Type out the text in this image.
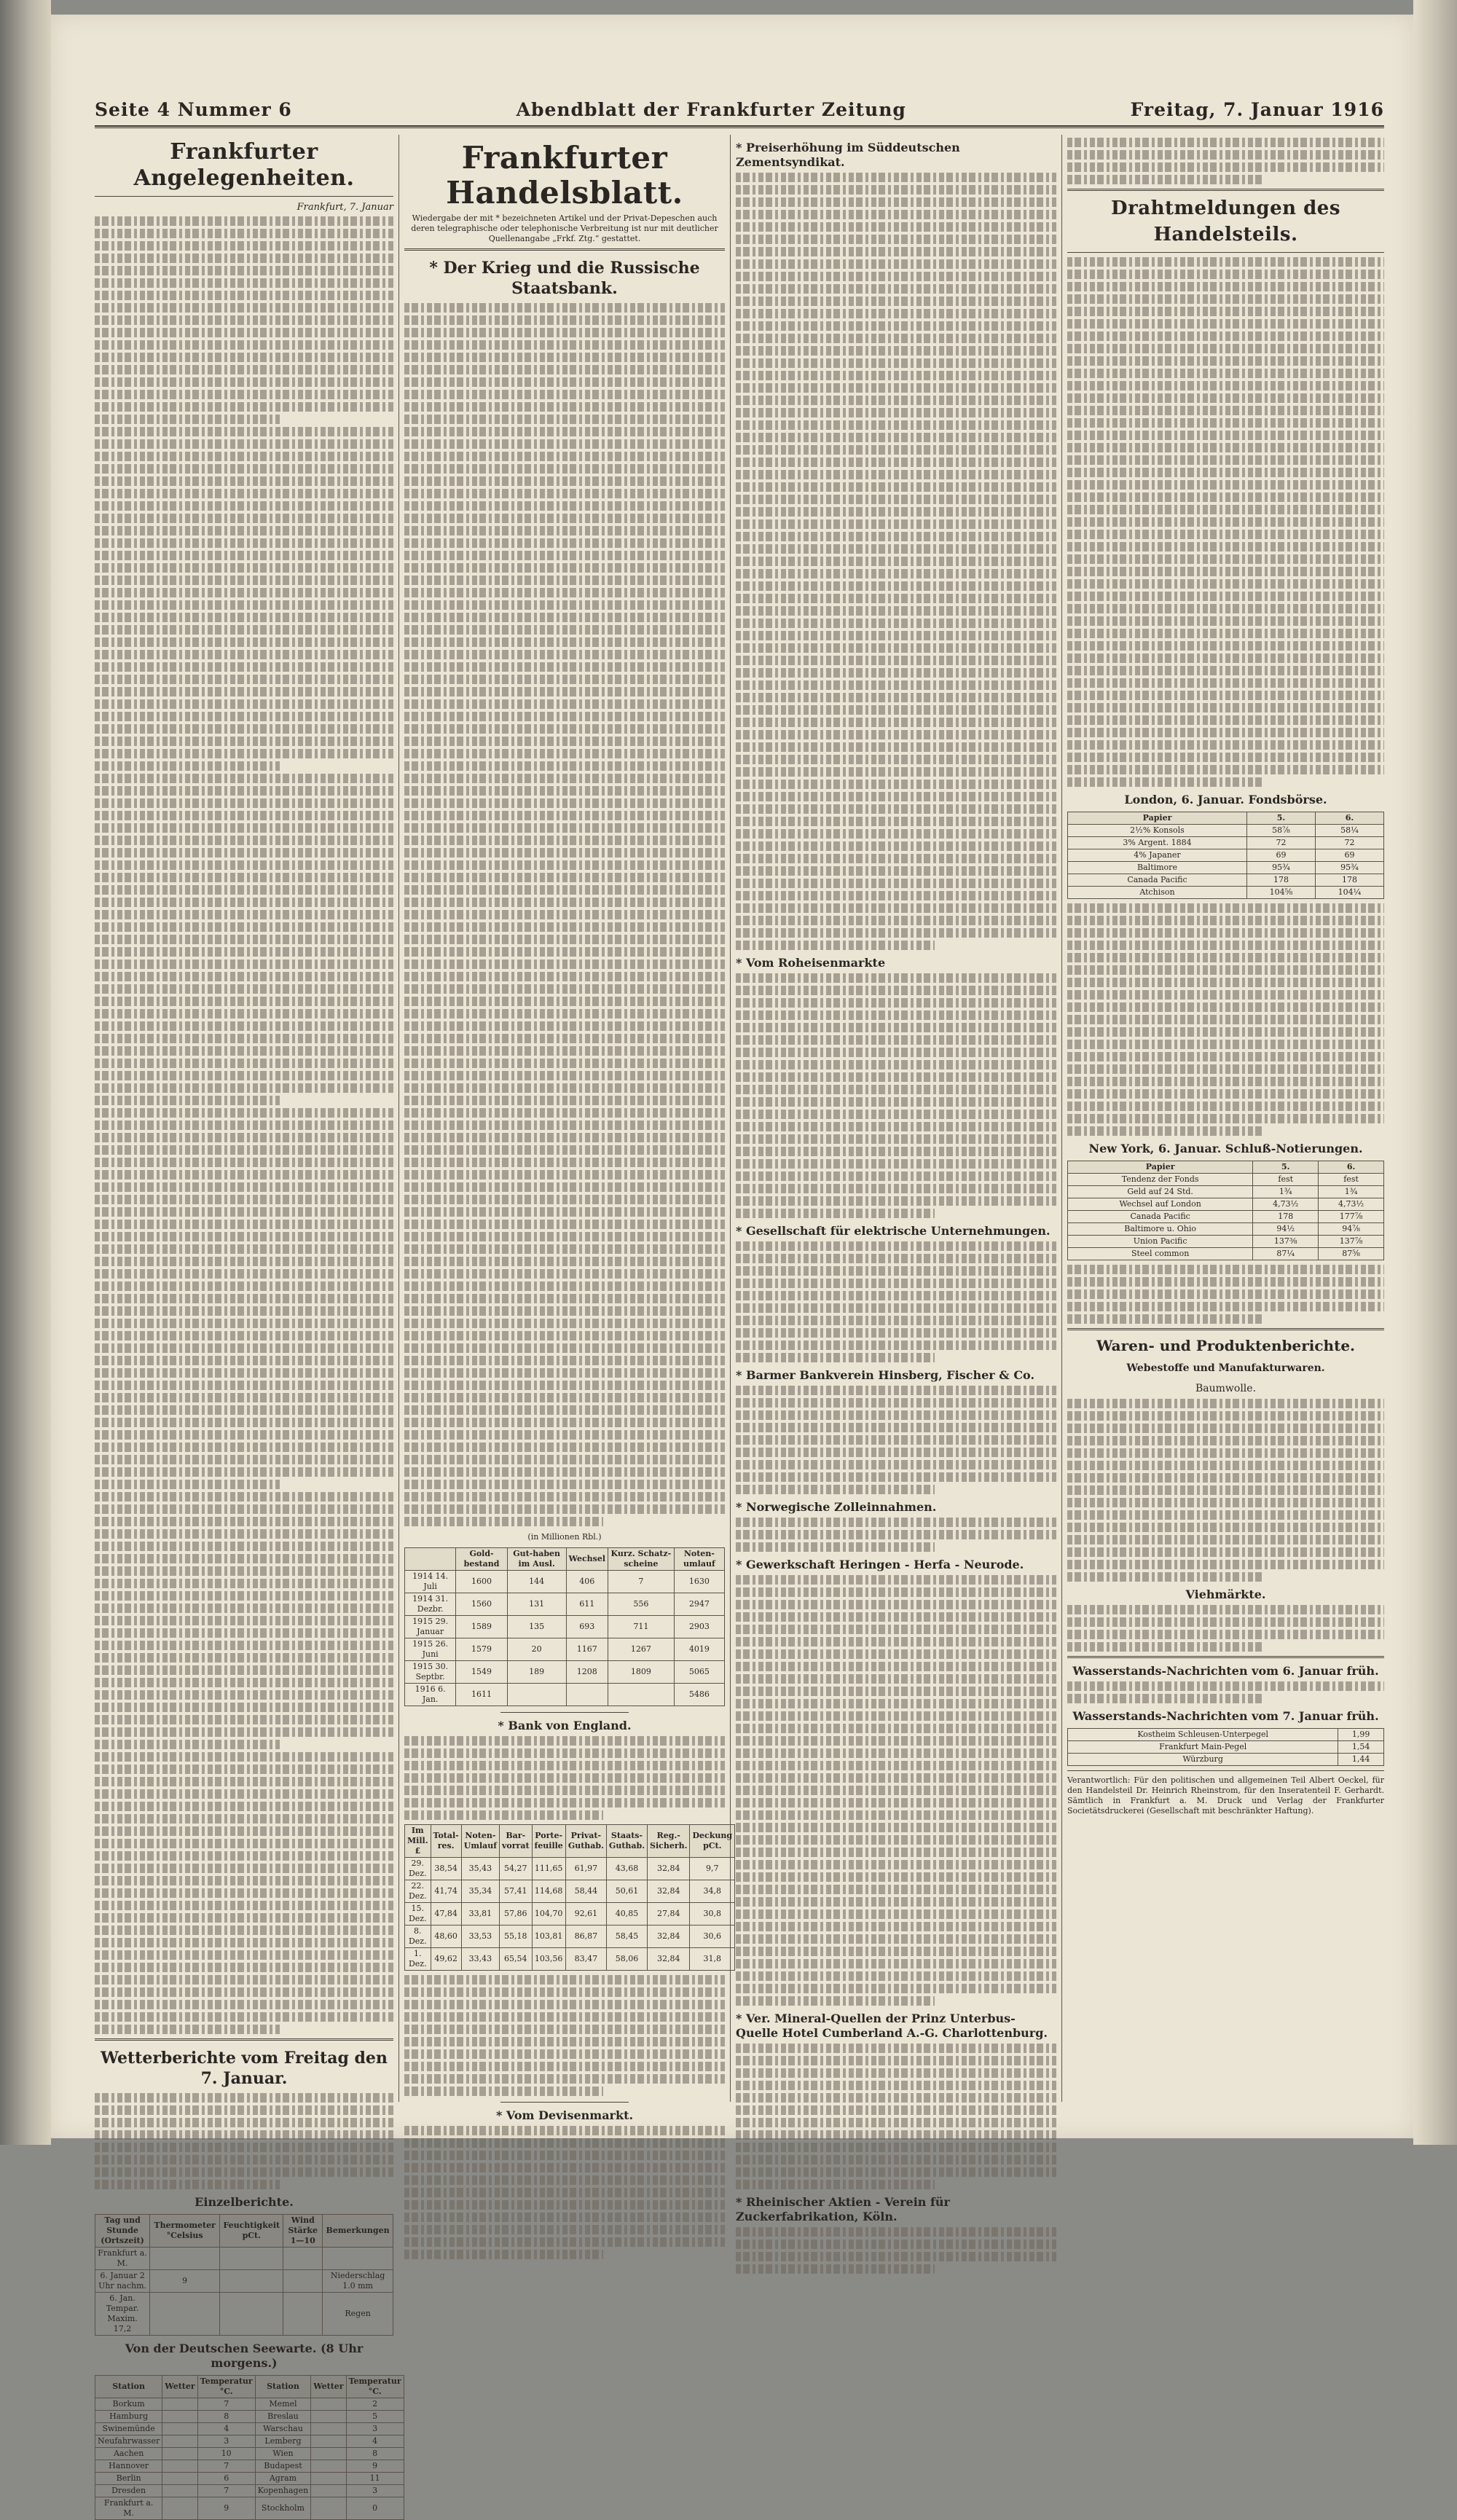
Seite 4 Nummer 6	Abendblatt der Frankfurter Zeitung	Freitag, 7. Januar 1916
Frankfurter Angelegenheiten.
Frankfurt, 7. Januar
Wetterberichte vom Freitag den 7. Januar.
Einzelberichte.
Tag und Stunde (Ortszeit)	Thermometer °Celsius	Feuchtigkeit pCt.	Wind Stärke 1—10	Bemerkungen
Frankfurt a. M.				
6. Januar 2 Uhr nachm.	9			Niederschlag 1.0 mm
6. Jan. Tempar. Maxim. 17,2				Regen
Von der Deutschen Seewarte. (8 Uhr morgens.)
Station	Wetter	Temperatur °C.	Station	Wetter	Temperatur °C.
Borkum		7	Memel		2
Hamburg		8	Breslau		5
Swinemünde		4	Warschau		3
Neufahrwasser		3	Lemberg		4
Aachen		10	Wien		8
Hannover		7	Budapest		9
Berlin		6	Agram		11
Dresden		7	Kopenhagen		3
Frankfurt a. M.		9	Stockholm		0
Frankfurter Handelsblatt.
Wiedergabe der mit * bezeichneten Artikel und der Privat-Depeschen auch deren telegraphische oder telephonische Verbreitung ist nur mit deutlicher Quellenangabe „Frkf. Ztg.“ gestattet.
* Der Krieg und die Russische Staatsbank.
(in Millionen Rbl.)
	Gold-bestand	Gut-haben im Ausl.	Wechsel	Kurz. Schatz-scheine	Noten-umlauf
1914 14. Juli	1600	144	406	7	1630
1914 31. Dezbr.	1560	131	611	556	2947
1915 29. Januar	1589	135	693	711	2903
1915 26. Juni	1579	20	1167	1267	4019
1915 30. Septbr.	1549	189	1208	1809	5065
1916 6. Jan.	1611				5486
* Bank von England.
Im Mill. £	Total-res.	Noten-Umlauf	Bar-vorrat	Porte-feuille	Privat-Guthab.	Staats-Guthab.	Reg.-Sicherh.	Deckung pCt.
29. Dez.	38,54	35,43	54,27	111,65	61,97	43,68	32,84	9,7
22. Dez.	41,74	35,34	57,41	114,68	58,44	50,61	32,84	34,8
15. Dez.	47,84	33,81	57,86	104,70	92,61	40,85	27,84	30,8
8. Dez.	48,60	33,53	55,18	103,81	86,87	58,45	32,84	30,6
1. Dez.	49,62	33,43	65,54	103,56	83,47	58,06	32,84	31,8
* Vom Devisenmarkt.
* Preiserhöhung im Süddeutschen Zementsyndikat.
* Vom Roheisenmarkte
* Gesellschaft für elektrische Unternehmungen.
* Barmer Bankverein Hinsberg, Fischer & Co.
* Norwegische Zolleinnahmen.
* Gewerkschaft Heringen - Herfa - Neurode.
* Ver. Mineral-Quellen der Prinz Unterbus-Quelle Hotel Cumberland A.-G. Charlottenburg.
* Rheinischer Aktien - Verein für Zuckerfabrikation, Köln.
Drahtmeldungen des Handelsteils.
London, 6. Januar. Fondsbörse.
Papier	5.	6.
2½% Konsols	58⅞	58¼
3% Argent. 1884	72	72
4% Japaner	69	69
Baltimore	95¾	95¾
Canada Pacific	178	178
Atchison	104⅝	104¼
New York, 6. Januar. Schluß-Notierungen.
Papier	5.	6.
Tendenz der Fonds	fest	fest
Geld auf 24 Std.	1¾	1¾
Wechsel auf London	4,73½	4,73½
Canada Pacific	178	177⅞
Baltimore u. Ohio	94½	94⅞
Union Pacific	137⅜	137⅞
Steel common	87¼	87⅝
Waren- und Produktenberichte.
Webestoffe und Manufakturwaren.
Baumwolle.
Viehmärkte.
Wasserstands-Nachrichten vom 6. Januar früh.
Wasserstands-Nachrichten vom 7. Januar früh.
Kostheim Schleusen-Unterpegel	1,99
Frankfurt Main-Pegel	1,54
Würzburg	1,44
Verantwortlich: Für den politischen und allgemeinen Teil Albert Oeckel, für den Handelsteil Dr. Heinrich Rheinstrom, für den Inseratenteil F. Gerhardt. Sämtlich in Frankfurt a. M. Druck und Verlag der Frankfurter Societätsdruckerei (Gesellschaft mit beschränkter Haftung).
